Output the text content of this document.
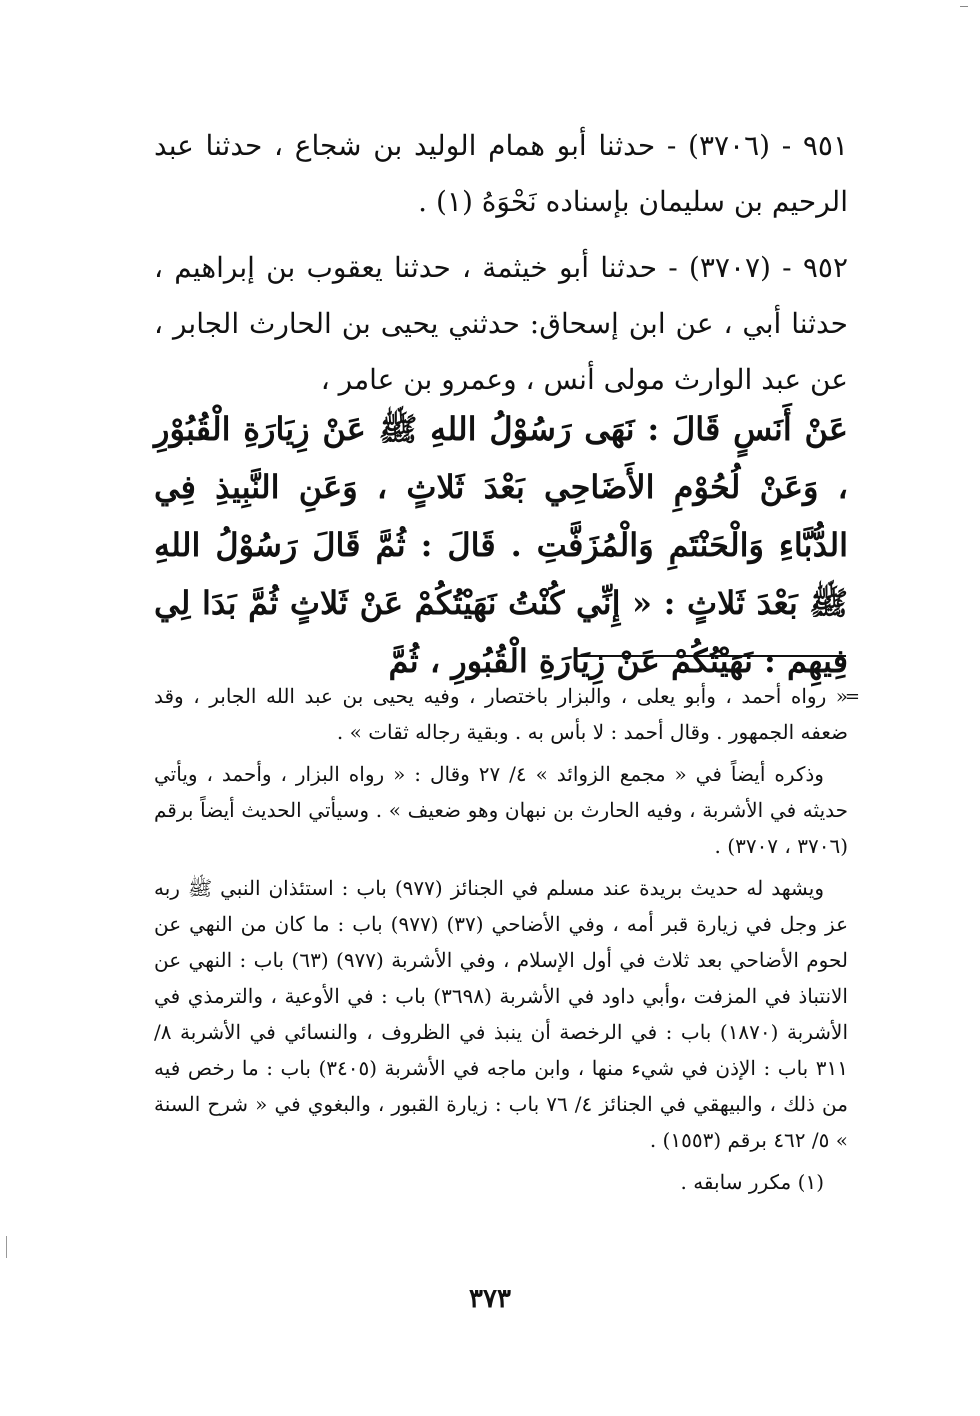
٩٥١ - (٣٧٠٦) - حدثنا أبو همام الوليد بن شجاع ، حدثنا عبد الرحيم بن سليمان بإسناده نَحْوَهُ (١) .

٩٥٢ - (٣٧٠٧) - حدثنا أبو خيثمة ، حدثنا يعقوب بن إبراهيم ، حدثنا أبي ، عن ابن إسحاق: حدثني يحيى بن الحارث الجابر ، عن عبد الوارث مولى أنس ، وعمرو بن عامر ،

عَنْ أَنَسٍ قَالَ : نَهَى رَسُوْلُ اللهِ ﷺ عَنْ زِيَارَةِ الْقُبُوْرِ ، وَعَنْ لُحُوْمِ الأَضَاحِي بَعْدَ ثَلاثٍ ، وَعَنِ النَّبِيذِ فِي الدُّبَّاءِ وَالْحَنْتَمِ وَالْمُزَفَّتِ . قَالَ : ثُمَّ قَالَ رَسُوْلُ اللهِ ﷺ بَعْدَ ثَلاثٍ : « إِنِّي كُنْتُ نَهَيْتُكُمْ عَنْ ثَلاثٍ ثُمَّ بَدَا لِي فِيهِم : نَهَيْتُكُمْ عَنْ زِيَارَةِ الْقُبُورِ ، ثُمَّ

=

« رواه أحمد ، وأبو يعلى ، والبزار باختصار ، وفيه يحيى بن عبد الله الجابر ، وقد ضعفه الجمهور . وقال أحمد : لا بأس به . وبقية رجاله ثقات » .

وذكره أيضاً في « مجمع الزوائد » ٤/ ٢٧ وقال : « رواه البزار ، وأحمد ، ويأتي حديثه في الأشربة ، وفيه الحارث بن نبهان وهو ضعيف » . وسيأتي الحديث أيضاً برقم (٣٧٠٦ ، ٣٧٠٧) .

ويشهد له حديث بريدة عند مسلم في الجنائز (٩٧٧) باب : استئذان النبي ﷺ ربه عز وجل في زيارة قبر أمه ، وفي الأضاحي (٣٧) (٩٧٧) باب : ما كان من النهي عن لحوم الأضاحي بعد ثلاث في أول الإسلام ، وفي الأشربة (٩٧٧) (٦٣) باب : النهي عن الانتباذ في المزفت ،وأبي داود في الأشربة (٣٦٩٨) باب : في الأوعية ، والترمذي في الأشربة (١٨٧٠) باب : في الرخصة أن ينبذ في الظروف ، والنسائي في الأشربة ٨/ ٣١١ باب : الإذن في شيء منها ، وابن ماجه في الأشربة (٣٤٠٥) باب : ما رخص فيه من ذلك ، والبيهقي في الجنائز ٤/ ٧٦ باب : زيارة القبور ، والبغوي في « شرح السنة » ٥/ ٤٦٢ برقم (١٥٥٣) .

(١) مكرر سابقه .

٣٧٣
